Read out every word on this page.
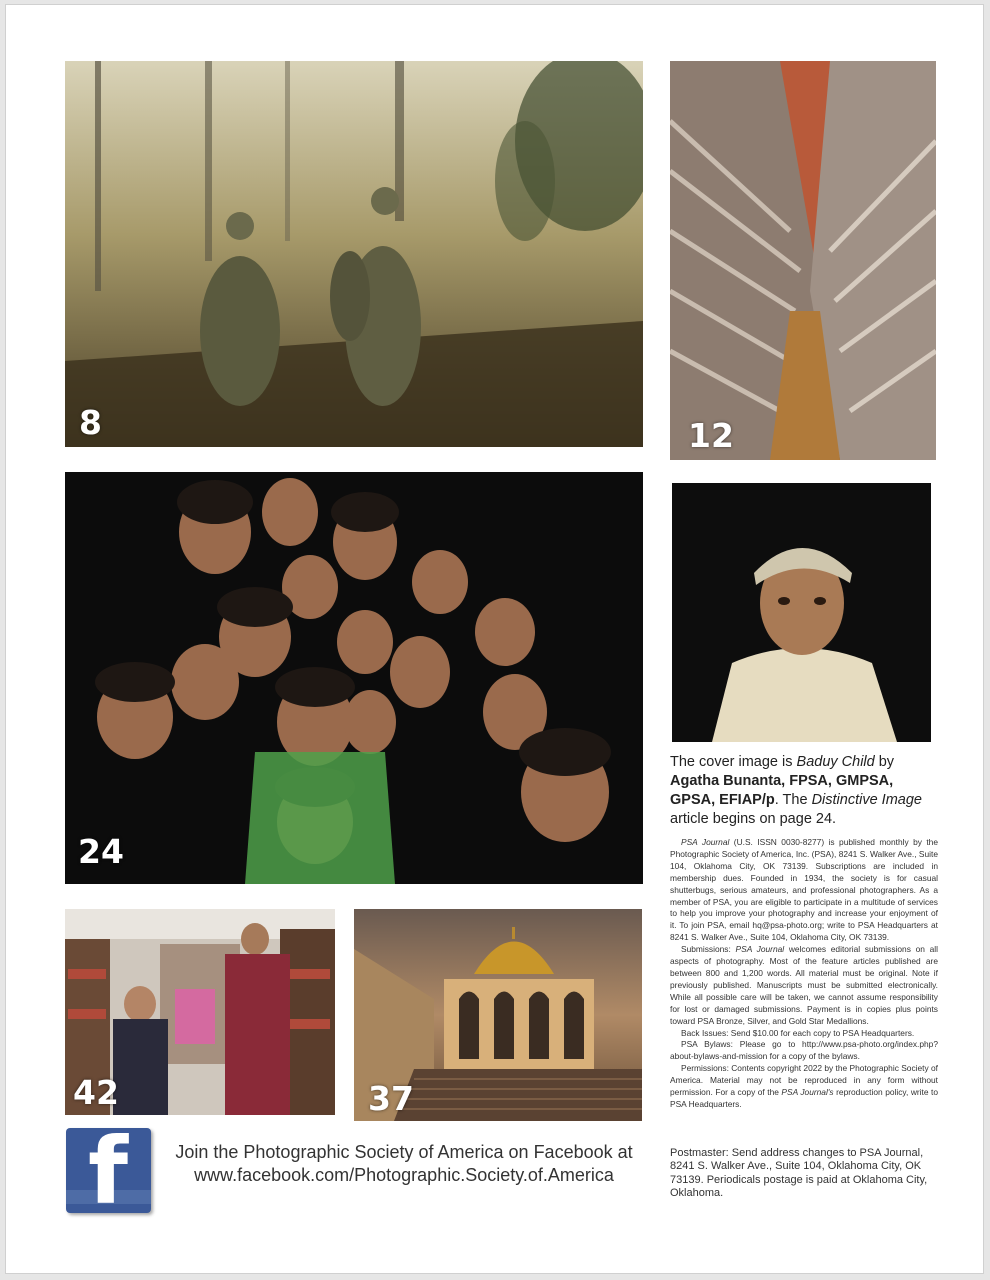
8	12
24
42	37
The cover image is Baduy Child by Agatha Bunanta, FPSA, GMPSA, GPSA, EFIAP/p. The Distinctive Image article begins on page 24.

PSA Journal (U.S. ISSN 0030-8277) is published monthly by the Photographic Society of America, Inc. (PSA), 8241 S. Walker Ave., Suite 104, Oklahoma City, OK 73139. Subscriptions are included in membership dues. Founded in 1934, the society is for casual shutterbugs, serious amateurs, and professional photographers. As a member of PSA, you are eligible to participate in a multitude of services to help you improve your photography and increase your enjoyment of it. To join PSA, email hq@psa-photo.org; write to PSA Headquarters at 8241 S. Walker Ave., Suite 104, Oklahoma City, OK 73139.

Submissions: PSA Journal welcomes editorial submissions on all aspects of photography. Most of the feature articles published are between 800 and 1,200 words. All material must be original. Note if previously published. Manuscripts must be submitted electronically. While all possible care will be taken, we cannot assume responsibility for lost or damaged submissions. Payment is in copies plus points toward PSA Bronze, Silver, and Gold Star Medallions.

Back Issues: Send $10.00 for each copy to PSA Headquarters.

PSA Bylaws: Please go to http://www.psa-photo.org/index.php?about-bylaws-and-mission for a copy of the bylaws.

Permissions: Contents copyright 2022 by the Photographic Society of America. Material may not be reproduced in any form without permission. For a copy of the PSA Journal's reproduction policy, write to PSA Headquarters.

Postmaster: Send address changes to PSA Journal, 8241 S. Walker Ave., Suite 104, Oklahoma City, OK 73139. Periodicals postage is paid at Oklahoma City, Oklahoma.
f	Join the Photographic Society of America on Facebook at
www.facebook.com/Photographic.Society.of.America
